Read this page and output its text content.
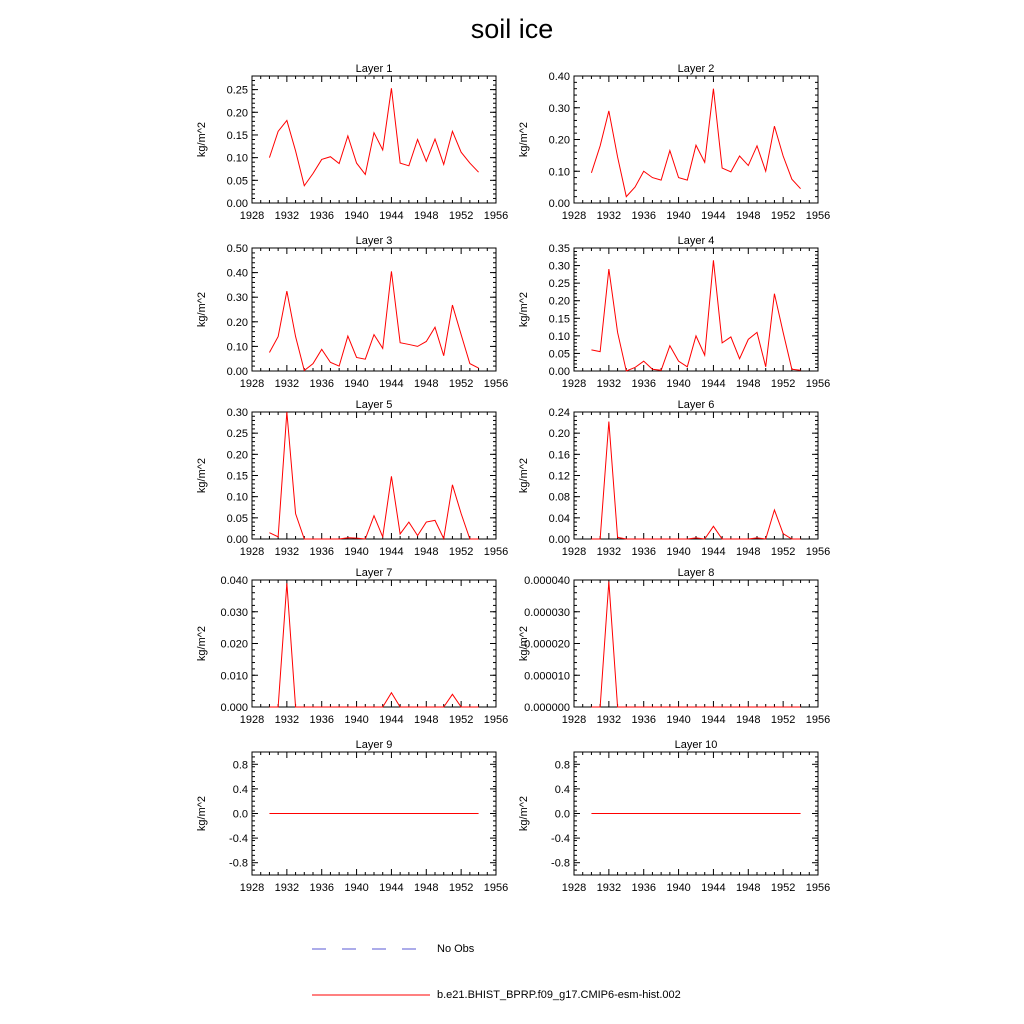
soil ice
Layer 1
kg/m^2
1928 1932 1936 1940 1944 1948 1952 1956
0.00
0.05
0.10
0.15
0.20
0.25
Layer 2
kg/m^2
1928 1932 1936 1940 1944 1948 1952 1956
0.00
0.10
0.20
0.30
0.40
Layer 3
kg/m^2
1928 1932 1936 1940 1944 1948 1952 1956
0.00
0.10
0.20
0.30
0.40
0.50
Layer 4
kg/m^2
1928 1932 1936 1940 1944 1948 1952 1956
0.00
0.05
0.10
0.15
0.20
0.25
0.30
0.35
Layer 5
kg/m^2
1928 1932 1936 1940 1944 1948 1952 1956
0.00
0.05
0.10
0.15
0.20
0.25
0.30
Layer 6
kg/m^2
1928 1932 1936 1940 1944 1948 1952 1956
0.00
0.04
0.08
0.12
0.16
0.20
0.24
Layer 7
kg/m^2
1928 1932 1936 1940 1944 1948 1952 1956
0.000
0.010
0.020
0.030
0.040
Layer 8
kg/m^2
1928 1932 1936 1940 1944 1948 1952 1956
0.000000
0.000010
0.000020
0.000030
0.000040
Layer 9
kg/m^2
1928 1932 1936 1940 1944 1948 1952 1956
-0.8
-0.4
0.0
0.4
0.8
Layer 10
kg/m^2
1928 1932 1936 1940 1944 1948 1952 1956
-0.8
-0.4
0.0
0.4
0.8
No Obs
b.e21.BHIST_BPRP.f09_g17.CMIP6-esm-hist.002
